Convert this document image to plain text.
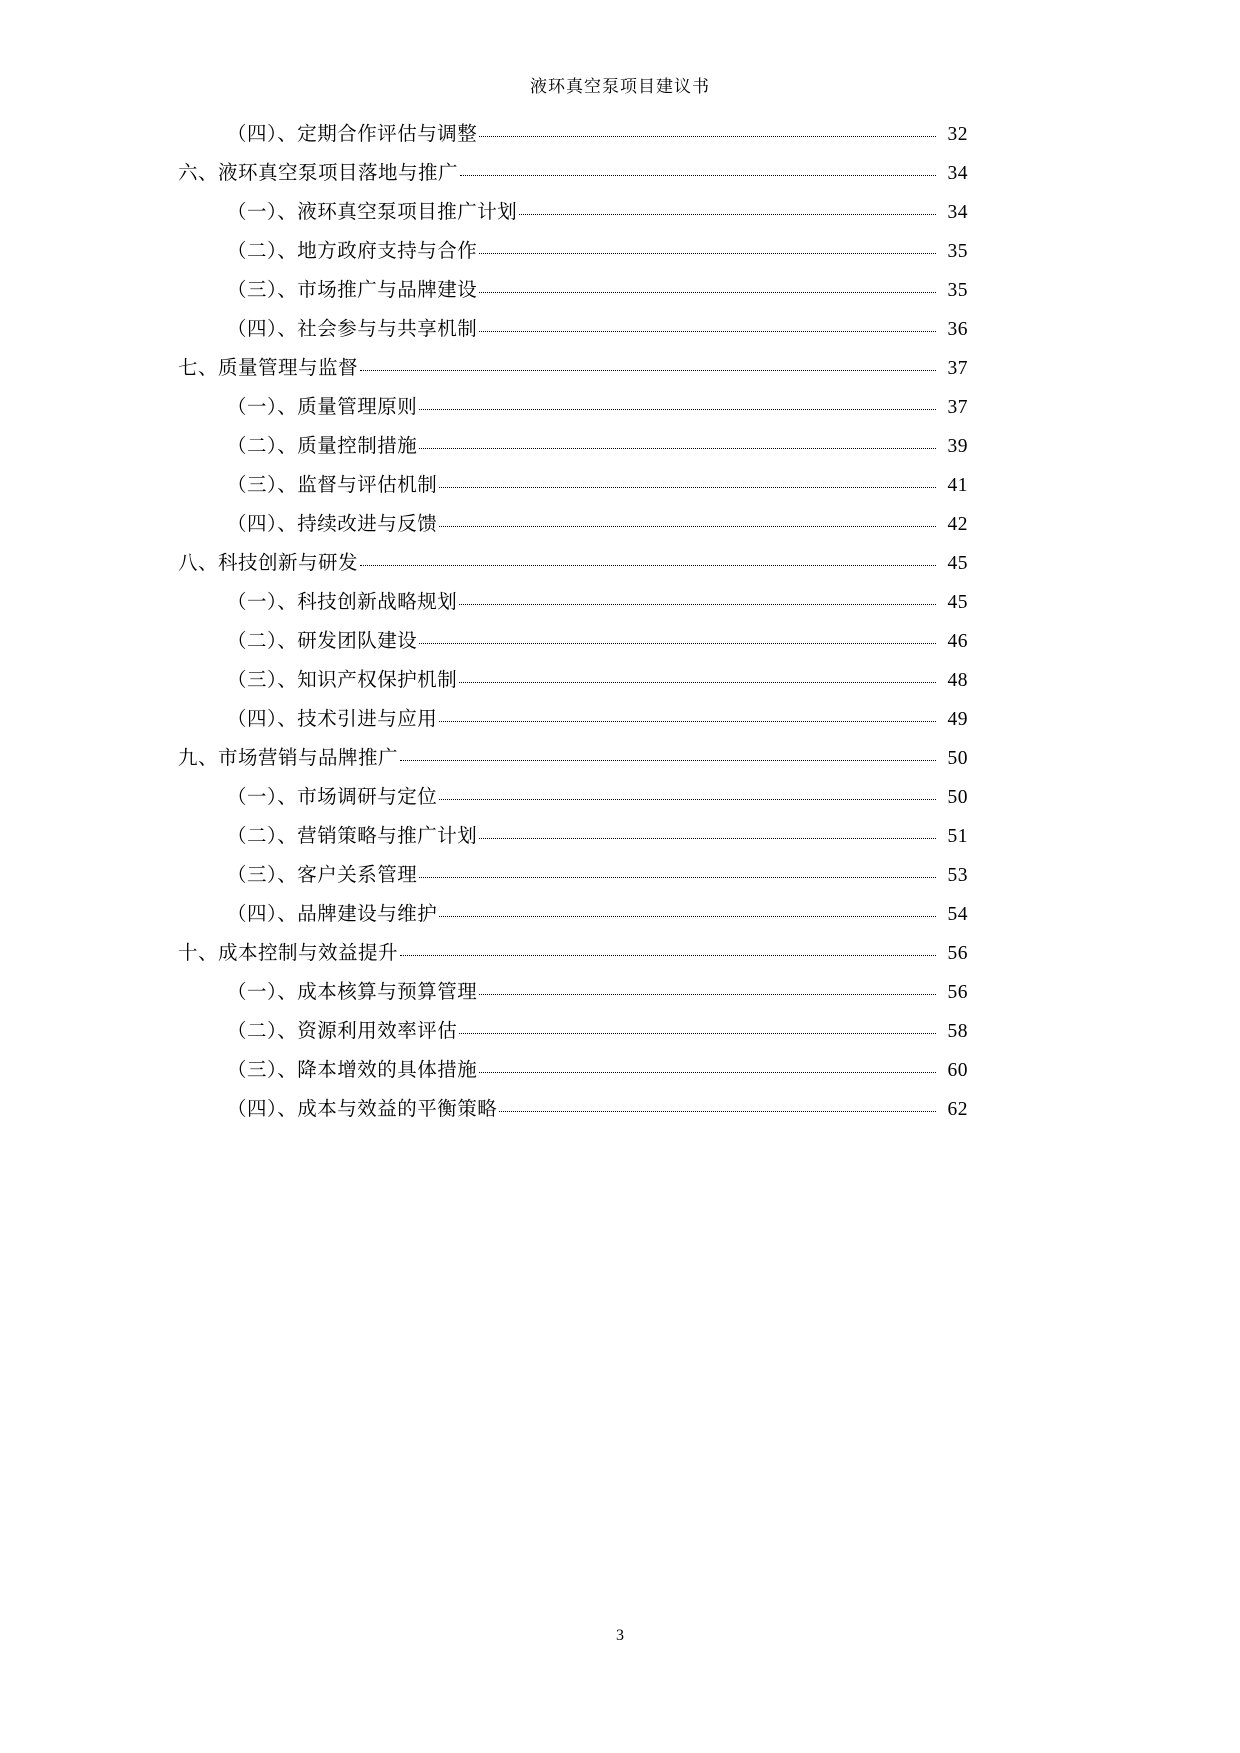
液环真空泵项目建议书
（四）、定期合作评估与调整	32
六、液环真空泵项目落地与推广	34
（一）、液环真空泵项目推广计划	34
（二）、地方政府支持与合作	35
（三）、市场推广与品牌建设	35
（四）、社会参与与共享机制	36
七、质量管理与监督	37
（一）、质量管理原则	37
（二）、质量控制措施	39
（三）、监督与评估机制	41
（四）、持续改进与反馈	42
八、科技创新与研发	45
（一）、科技创新战略规划	45
（二）、研发团队建设	46
（三）、知识产权保护机制	48
（四）、技术引进与应用	49
九、市场营销与品牌推广	50
（一）、市场调研与定位	50
（二）、营销策略与推广计划	51
（三）、客户关系管理	53
（四）、品牌建设与维护	54
十、成本控制与效益提升	56
（一）、成本核算与预算管理	56
（二）、资源利用效率评估	58
（三）、降本增效的具体措施	60
（四）、成本与效益的平衡策略	62
3
